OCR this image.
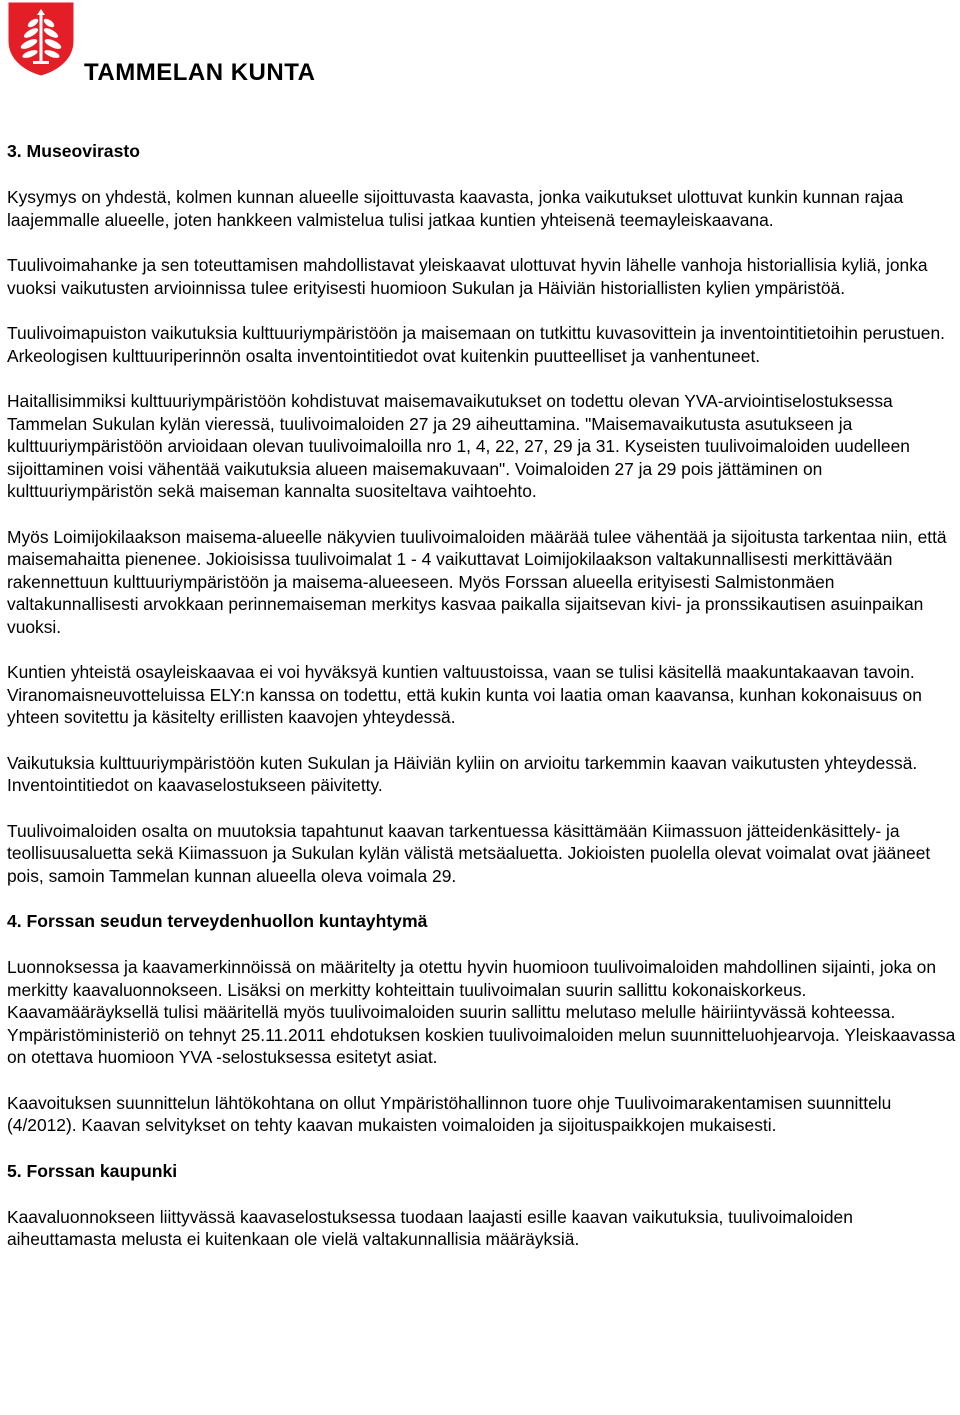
TAMMELAN KUNTA
3. Museovirasto

Kysymys on yhdestä, kolmen kunnan alueelle sijoittuvasta kaavasta, jonka vaikutukset ulottuvat kunkin kunnan rajaa laajemmalle alueelle, joten hankkeen valmistelua tulisi jatkaa kuntien yhteisenä teemayleiskaavana.

Tuulivoimahanke ja sen toteuttamisen mahdollistavat yleiskaavat ulottuvat hyvin lähelle vanhoja historiallisia kyliä, jonka vuoksi vaikutusten arvioinnissa tulee erityisesti huomioon Sukulan ja Häiviän historiallisten kylien ympäristöä.

Tuulivoimapuiston vaikutuksia kulttuuriympäristöön ja maisemaan on tutkittu kuvasovittein ja inventointitietoihin perustuen. Arkeologisen kulttuuriperinnön osalta inventointitiedot ovat kuitenkin puutteelliset ja vanhentuneet.

Haitallisimmiksi kulttuuriympäristöön kohdistuvat maisemavaikutukset on todettu olevan YVA-arviointiselostuksessa Tammelan Sukulan kylän vieressä, tuulivoimaloiden 27 ja 29 aiheuttamina. "Maisemavaikutusta asutukseen ja kulttuuriympäristöön arvioidaan olevan tuulivoimaloilla nro 1, 4, 22, 27, 29 ja 31. Kyseisten tuulivoimaloiden uudelleen sijoittaminen voisi vähentää vaikutuksia alueen maisemakuvaan". Voimaloiden 27 ja 29 pois jättäminen on kulttuuriympäristön sekä maiseman kannalta suositeltava vaihtoehto.

Myös Loimijokilaakson maisema-alueelle näkyvien tuulivoimaloiden määrää tulee vähentää ja sijoitusta tarkentaa niin, että maisemahaitta pienenee. Jokioisissa tuulivoimalat 1 - 4 vaikuttavat Loimijokilaakson valtakunnallisesti merkittävään rakennettuun kulttuuriympäristöön ja maisema-alueeseen. Myös Forssan alueella erityisesti Salmistonmäen valtakunnallisesti arvokkaan perinnemaiseman merkitys kasvaa paikalla sijaitsevan kivi- ja pronssikautisen asuinpaikan vuoksi.

Kuntien yhteistä osayleiskaavaa ei voi hyväksyä kuntien valtuustoissa, vaan se tulisi käsitellä maakuntakaavan tavoin. Viranomaisneuvotteluissa ELY:n kanssa on todettu, että kukin kunta voi laatia oman kaavansa, kunhan kokonaisuus on yhteen sovitettu ja käsitelty erillisten kaavojen yhteydessä.

Vaikutuksia kulttuuriympäristöön kuten Sukulan ja Häiviän kyliin on arvioitu tarkemmin kaavan vaikutusten yhteydessä. Inventointitiedot on kaavaselostukseen päivitetty.

Tuulivoimaloiden osalta on muutoksia tapahtunut kaavan tarkentuessa käsittämään Kiimassuon jätteidenkäsittely- ja teollisuusaluetta sekä Kiimassuon ja Sukulan kylän välistä metsäaluetta. Jokioisten puolella olevat voimalat ovat jääneet pois, samoin Tammelan kunnan alueella oleva voimala 29.

4. Forssan seudun terveydenhuollon kuntayhtymä

Luonnoksessa ja kaavamerkinnöissä on määritelty ja otettu hyvin huomioon tuulivoimaloiden mahdollinen sijainti, joka on merkitty kaavaluonnokseen. Lisäksi on merkitty kohteittain tuulivoimalan suurin sallittu kokonaiskorkeus. Kaavamääräyksellä tulisi määritellä myös tuulivoimaloiden suurin sallittu melutaso melulle häiriintyvässä kohteessa. Ympäristöministeriö on tehnyt 25.11.2011 ehdotuksen koskien tuulivoimaloiden melun suunnitteluohjearvoja. Yleiskaavassa on otettava huomioon YVA -selostuksessa esitetyt asiat.

Kaavoituksen suunnittelun lähtökohtana on ollut Ympäristöhallinnon tuore ohje Tuulivoimarakentamisen suunnittelu (4/2012). Kaavan selvitykset on tehty kaavan mukaisten voimaloiden ja sijoituspaikkojen mukaisesti.

5. Forssan kaupunki

Kaavaluonnokseen liittyvässä kaavaselostuksessa tuodaan laajasti esille kaavan vaikutuksia, tuulivoimaloiden aiheuttamasta melusta ei kuitenkaan ole vielä valtakunnallisia määräyksiä.
